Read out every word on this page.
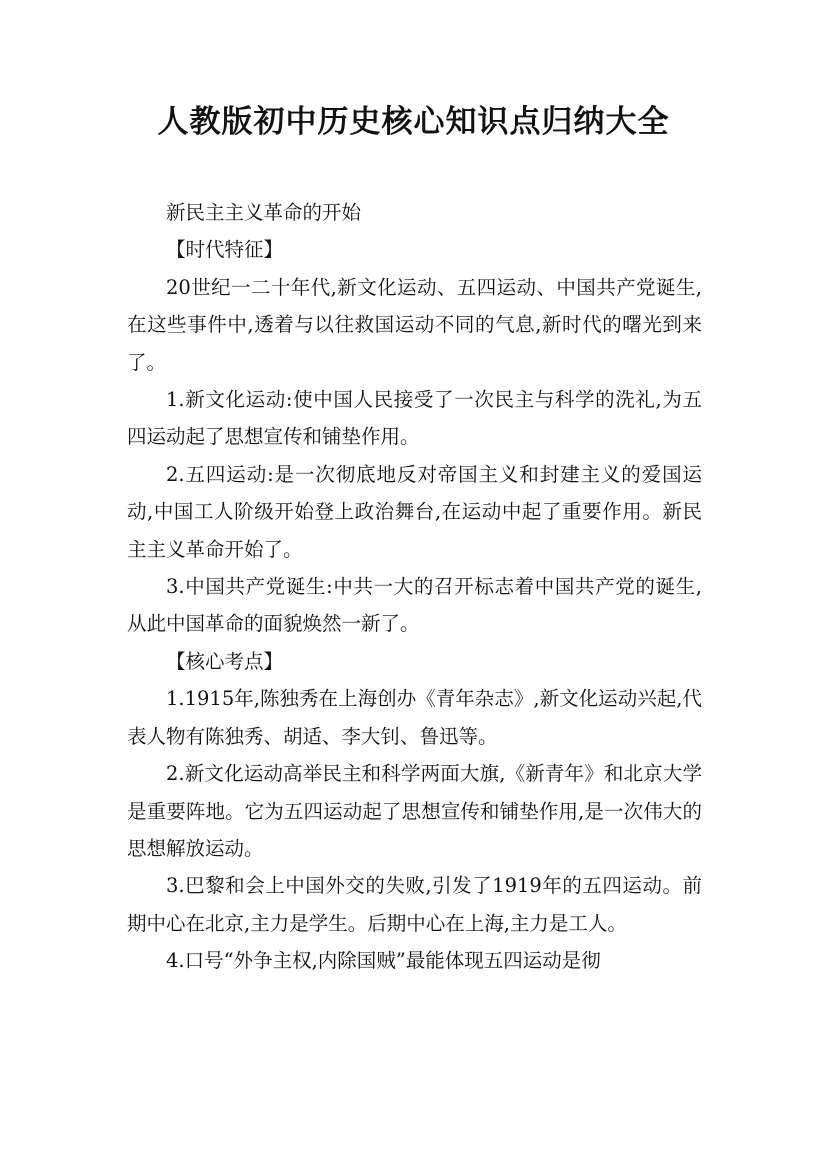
人教版初中历史核心知识点归纳大全

新民主主义革命的开始

【时代特征】

20世纪一二十年代,新文化运动、五四运动、中国共产党诞生,在这些事件中,透着与以往救国运动不同的气息,新时代的曙光到来了。

1.新文化运动:使中国人民接受了一次民主与科学的洗礼,为五四运动起了思想宣传和铺垫作用。

2.五四运动:是一次彻底地反对帝国主义和封建主义的爱国运动,中国工人阶级开始登上政治舞台,在运动中起了重要作用。新民主主义革命开始了。

3.中国共产党诞生:中共一大的召开标志着中国共产党的诞生,从此中国革命的面貌焕然一新了。

【核心考点】

1.1915年,陈独秀在上海创办《青年杂志》,新文化运动兴起,代表人物有陈独秀、胡适、李大钊、鲁迅等。

2.新文化运动高举民主和科学两面大旗,《新青年》和北京大学是重要阵地。它为五四运动起了思想宣传和铺垫作用,是一次伟大的思想解放运动。

3.巴黎和会上中国外交的失败,引发了1919年的五四运动。前期中心在北京,主力是学生。后期中心在上海,主力是工人。

4.口号“外争主权,内除国贼”最能体现五四运动是彻
